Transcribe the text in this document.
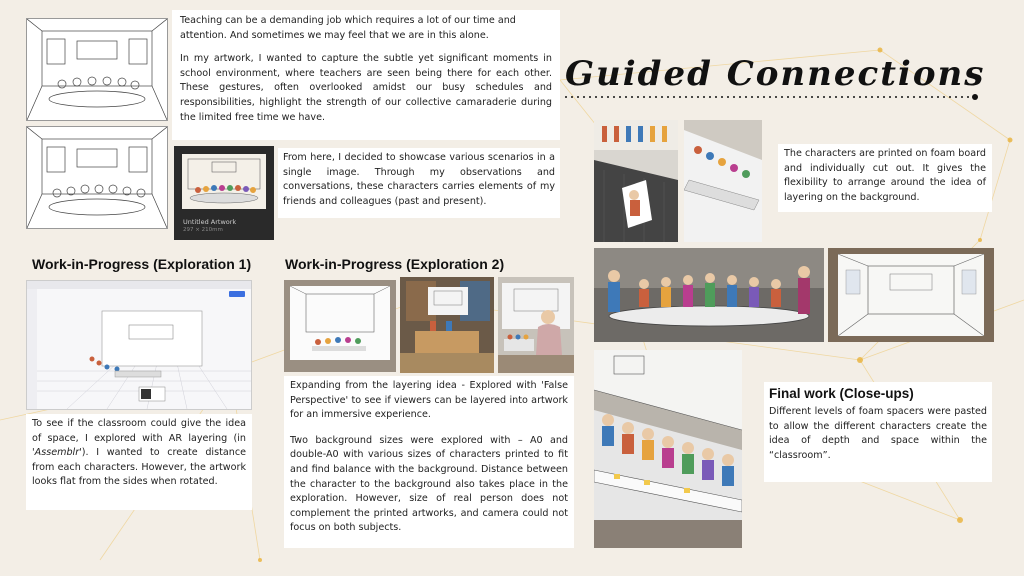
Guided Connections

Teaching can be a demanding job which requires a lot of our time and attention. And sometimes we may feel that we are in this alone.

In my artwork, I wanted to capture the subtle yet significant moments in school environment, where teachers are seen being there for each other. These gestures, often overlooked amidst our busy schedules and responsibilities, highlight the strength of our collective camaraderie during the limited free time we have.

Untitled Artwork
297 × 210mm

From here, I decided to showcase various scenarios in a single image. Through my observations and conversations, these characters carries elements of my friends and colleagues (past and present).

Work-in-Progress (Exploration 1)

To see if the classroom could give the idea of space, I explored with AR layering (in 'Assemblr'). I wanted to create distance from each characters. However, the artwork looks flat from the sides when rotated.

Work-in-Progress (Exploration 2)

Expanding from the layering idea - Explored with 'False Perspective' to see if viewers can be layered into artwork for an immersive experience.

Two background sizes were explored with – A0 and double-A0 with various sizes of characters printed to fit and find balance with the background. Distance between the character to the background also takes place in the exploration. However, size of real person does not complement the printed artworks, and camera could not focus on both subjects.

The characters are printed on foam board and individually cut out. It gives the flexibility to arrange around the idea of layering on the background.

Final work (Close-ups)

Different levels of foam spacers were pasted to allow the different characters create the idea of depth and space within the “classroom”.
